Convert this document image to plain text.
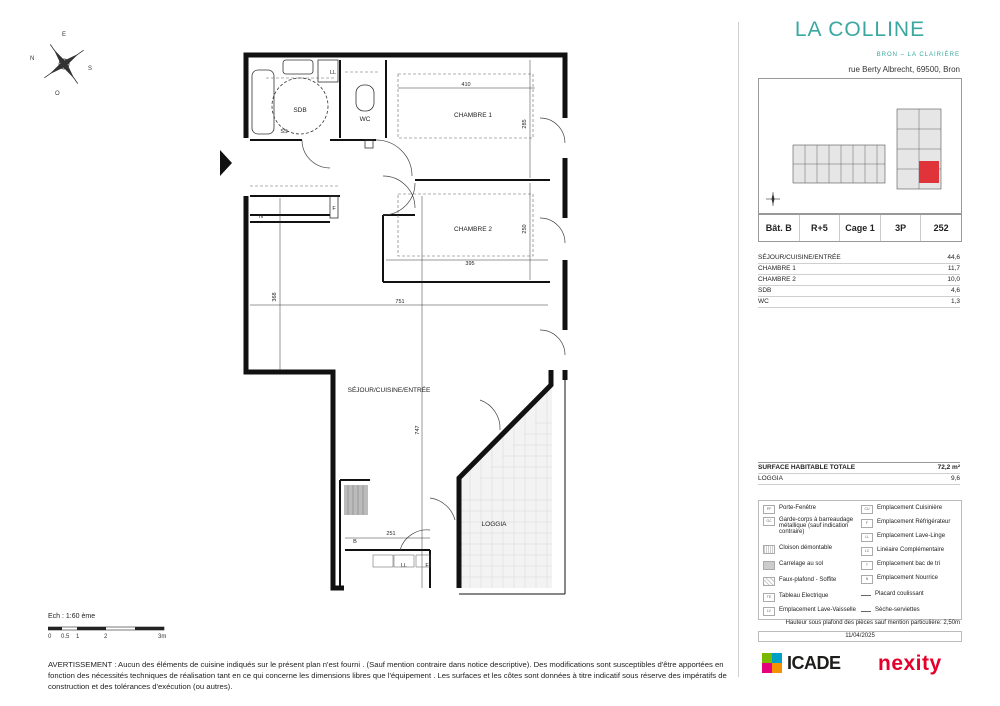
N
E
S
O
SDB
WC
CHAMBRE 1
CHAMBRE 2
SÉJOUR/CUISINE/ENTRÉE
LOGGIA
410
285
250
395
751
368
747
251
LL
SS
N
F
B
LL	F
Ech : 1:60 ème
0 0.5 1	2	3m
AVERTISSEMENT : Aucun des éléments de cuisine indiqués sur le présent plan n'est fourni . (Sauf mention contraire dans notice descriptive). Des modifications sont susceptibles d'être apportées en fonction des nécessités techniques de réalisation tant en ce qui concerne les dimensions libres que l'équipement . Les surfaces et les côtes sont données à titre indicatif sous réserve des impératifs de construction et des tolérances d'exécution (ou autres).
LA COLLINE
BRON – LA CLAIRIÈRE
rue Berty Albrecht, 69500, Bron
Bât. B	R+5	Cage 1	3P	252
SÉJOUR/CUISINE/ENTRÉE	44,6
CHAMBRE 1	11,7
CHAMBRE 2	10,0
SDB	4,6
WC	1,3
SURFACE HABITABLE TOTALE	72,2 m²
LOGGIA	9,6
PF	Porte-Fenêtre
GC	Garde-corps à barreaudage métallique (sauf indication contraire)
Cloison démontable
Carrelage au sol
Faux-plafond - Soffite
TE	Tableau Electrique
LV	Emplacement Lave-Vaisselle
CU	Emplacement Cuisinière
F	Emplacement Réfrigérateur
LL	Emplacement Lave-Linge
LC	Linéaire Complémentaire
T	Emplacement bac de tri
N	Emplacement Nourrice
Placard coulissant
Sèche-serviettes
Hauteur sous plafond des pièces sauf mention particulière: 2,50m
11/04/2025
ICADE nexity
